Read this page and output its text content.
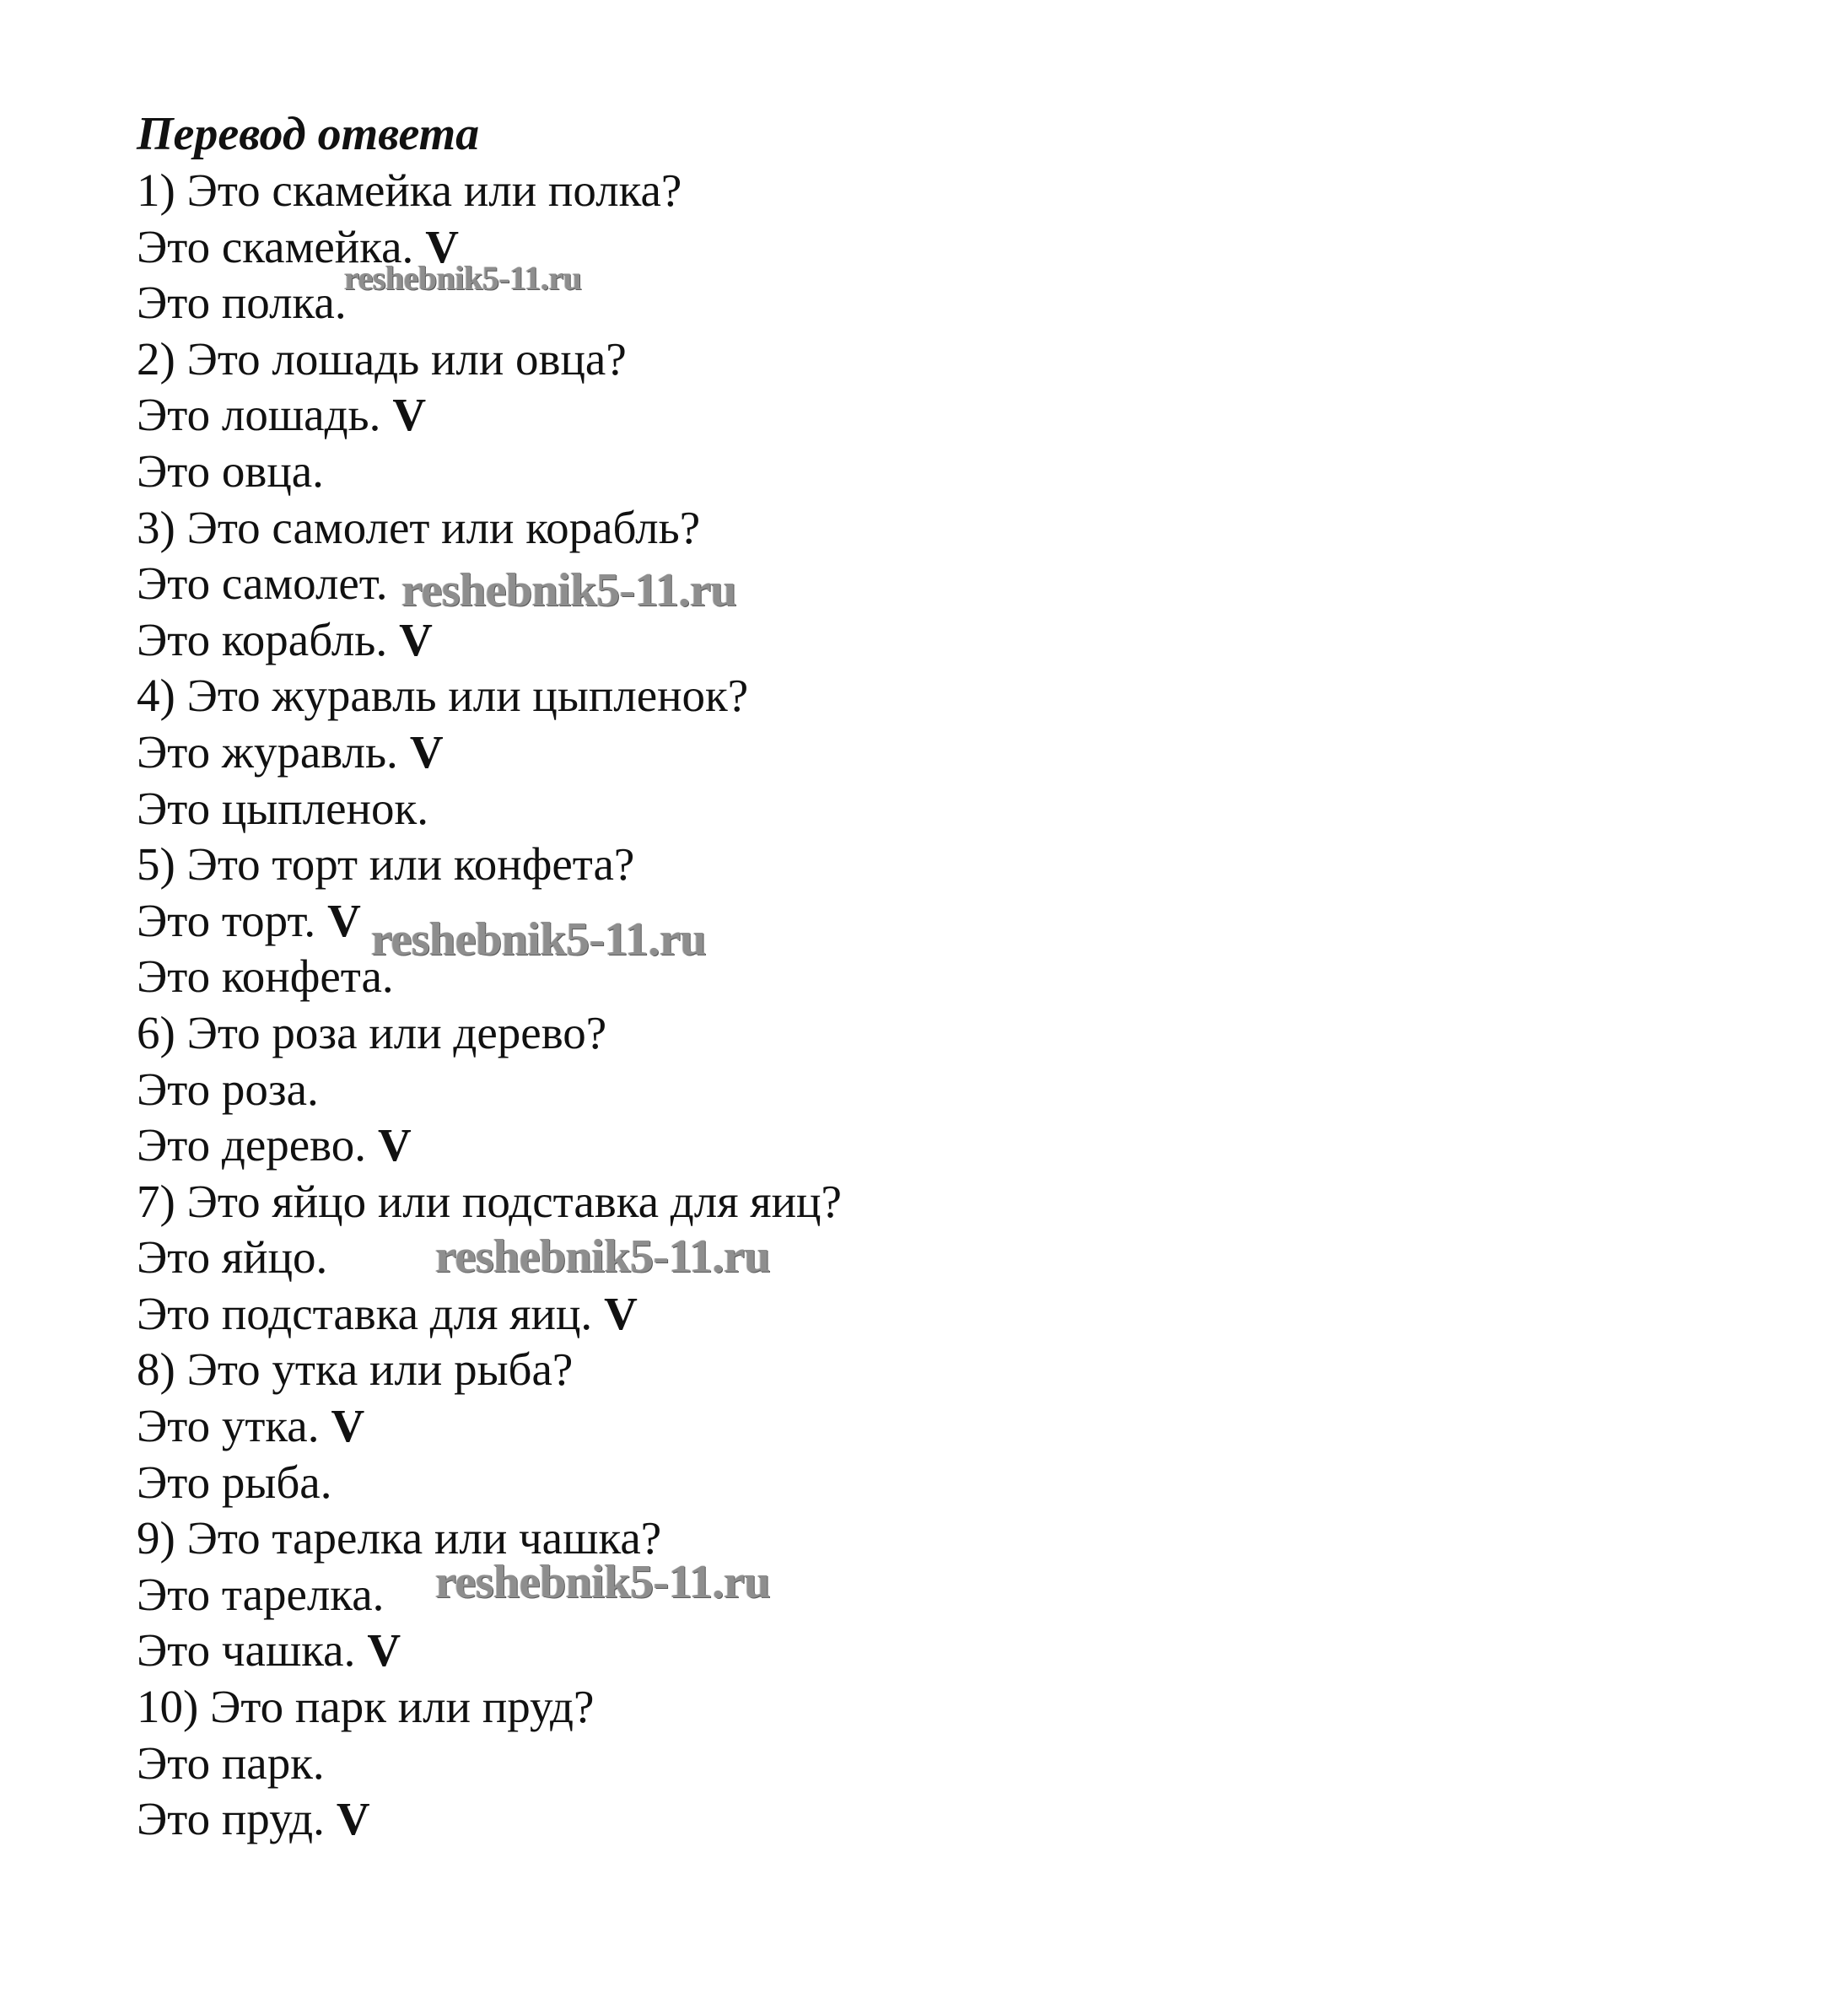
Перевод ответа
1) Это скамейка или полка?
Это скамейка. V
Это полка.
2) Это лошадь или овца?
Это лошадь. V
Это овца.
3) Это самолет или корабль?
Это самолет.
Это корабль. V
4) Это журавль или цыпленок?
Это журавль. V
Это цыпленок.
5) Это торт или конфета?
Это торт. V
Это конфета.
6) Это роза или дерево?
Это роза.
Это дерево. V
7) Это яйцо или подставка для яиц?
Это яйцо.
Это подставка для яиц. V
8) Это утка или рыба?
Это утка. V
Это рыба.
9) Это тарелка или чашка?
Это тарелка.
Это чашка. V
10) Это парк или пруд?
Это парк.
Это пруд. V
reshebnik5-11.ru
reshebnik5-11.ru
reshebnik5-11.ru
reshebnik5-11.ru
reshebnik5-11.ru
